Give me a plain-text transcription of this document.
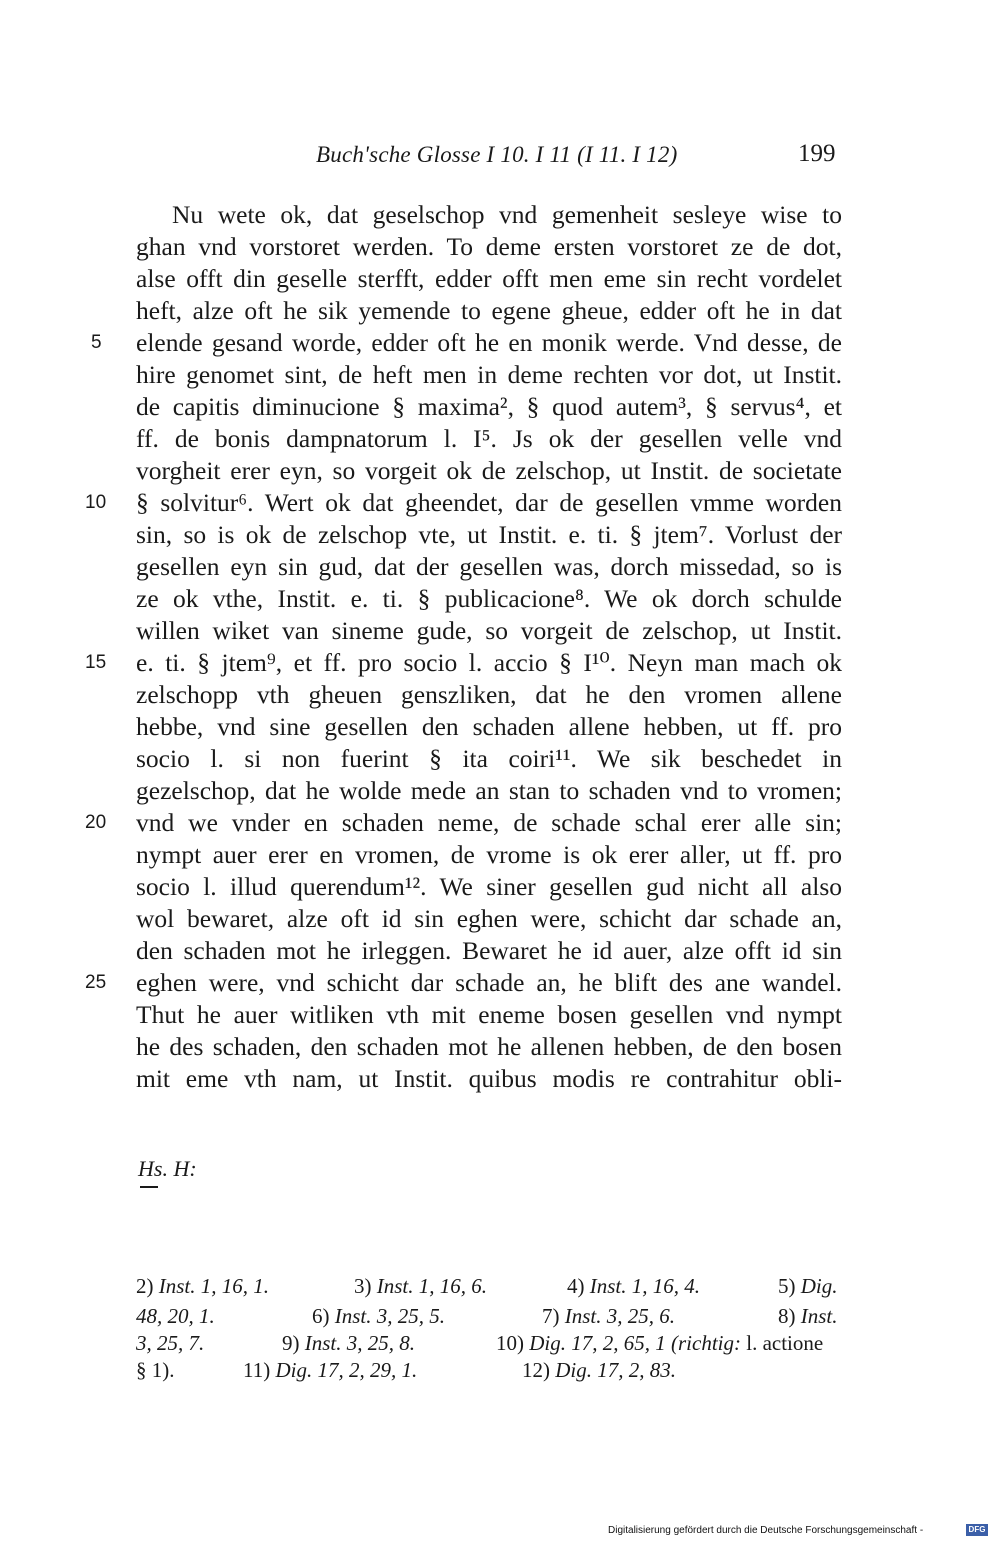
Buch'sche Glosse I 10. I 11 (I 11. I 12)	199
Nu wete ok, dat geselschop vnd gemenheit sesleye wise to
ghan vnd vorstoret werden. To deme ersten vorstoret ze de dot,
alse offt din geselle sterfft, edder offt men eme sin recht vordelet
heft, alze oft he sik yemende to egene gheue, edder oft he in dat
elende gesand worde, edder oft he en monik werde. Vnd desse, de
hire genomet sint, de heft men in deme rechten vor dot, ut Instit.
de capitis diminucione § maxima², § quod autem³, § servus⁴, et
ff. de bonis dampnatorum l. I⁵. Js ok der gesellen velle vnd
vorgheit erer eyn, so vorgeit ok de zelschop, ut Instit. de societate
§ solvitur⁶. Wert ok dat gheendet, dar de gesellen vmme worden
sin, so is ok de zelschop vte, ut Instit. e. ti. § jtem⁷. Vorlust der
gesellen eyn sin gud, dat der gesellen was, dorch missedad, so is
ze ok vthe, Instit. e. ti. § publicacione⁸. We ok dorch schulde
willen wiket van sineme gude, so vorgeit de zelschop, ut Instit.
e. ti. § jtem⁹, et ff. pro socio l. accio § I¹⁰. Neyn man mach ok
zelschopp vth gheuen genszliken, dat he den vromen allene
hebbe, vnd sine gesellen den schaden allene hebben, ut ff. pro
socio l. si non fuerint § ita coiri¹¹. We sik beschedet in
gezelschop, dat he wolde mede an stan to schaden vnd to vromen;
vnd we vnder en schaden neme, de schade schal erer alle sin;
nympt auer erer en vromen, de vrome is ok erer aller, ut ff. pro
socio l. illud querendum¹². We siner gesellen gud nicht all also
wol bewaret, alze oft id sin eghen were, schicht dar schade an,
den schaden mot he irleggen. Bewaret he id auer, alze offt id sin
eghen were, vnd schicht dar schade an, he blift des ane wandel.
Thut he auer witliken vth mit eneme bosen gesellen vnd nympt
he des schaden, den schaden mot he allenen hebben, de den bosen
mit eme vth nam, ut Instit. quibus modis re contrahitur obli-
5
10
15
20
25
Hs. H:
2) Inst. 1, 16, 1.	3) Inst. 1, 16, 6.	4) Inst. 1, 16, 4.	5) Dig.
48, 20, 1.	6) Inst. 3, 25, 5.	7) Inst. 3, 25, 6.	8) Inst.
3, 25, 7.	9) Inst. 3, 25, 8.	10) Dig. 17, 2, 65, 1 (richtig: l. actione
§ 1).	11) Dig. 17, 2, 29, 1.	12) Dig. 17, 2, 83.
Digitalisierung gefördert durch die Deutsche Forschungsgemeinschaft -	DFG
